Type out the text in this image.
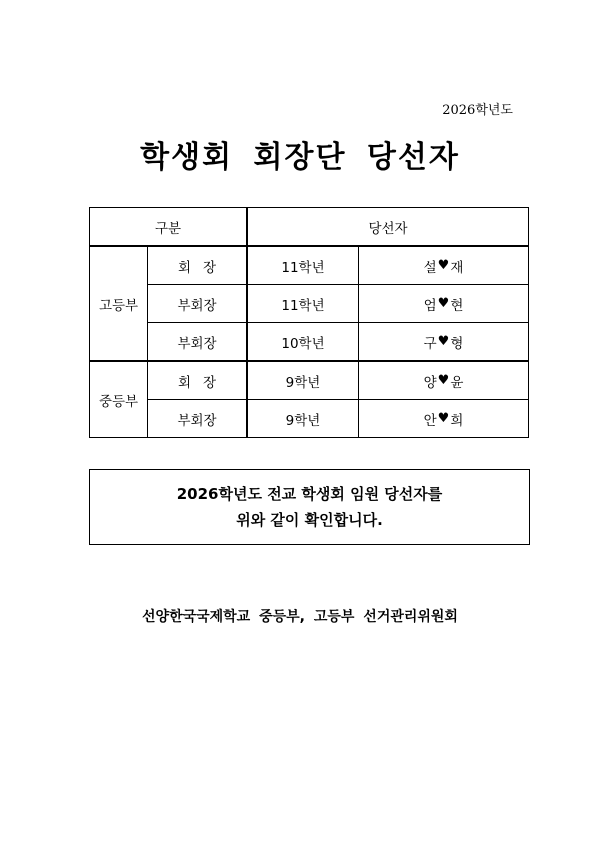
2026학년도
학생회 회장단 당선자
구분		당선자	
고등부	회장	11학년	설 ♥ 재

	부회장	11학년	엄 ♥ 현

	부회장	10학년	구 ♥ 형

중등부	회장	9학년	양 ♥ 윤

	부회장	9학년	안 ♥ 희
2026학년도 전교 학생회 임원 당선자를
위와 같이 확인합니다.
선양한국국제학교 중등부, 고등부 선거관리위원회
